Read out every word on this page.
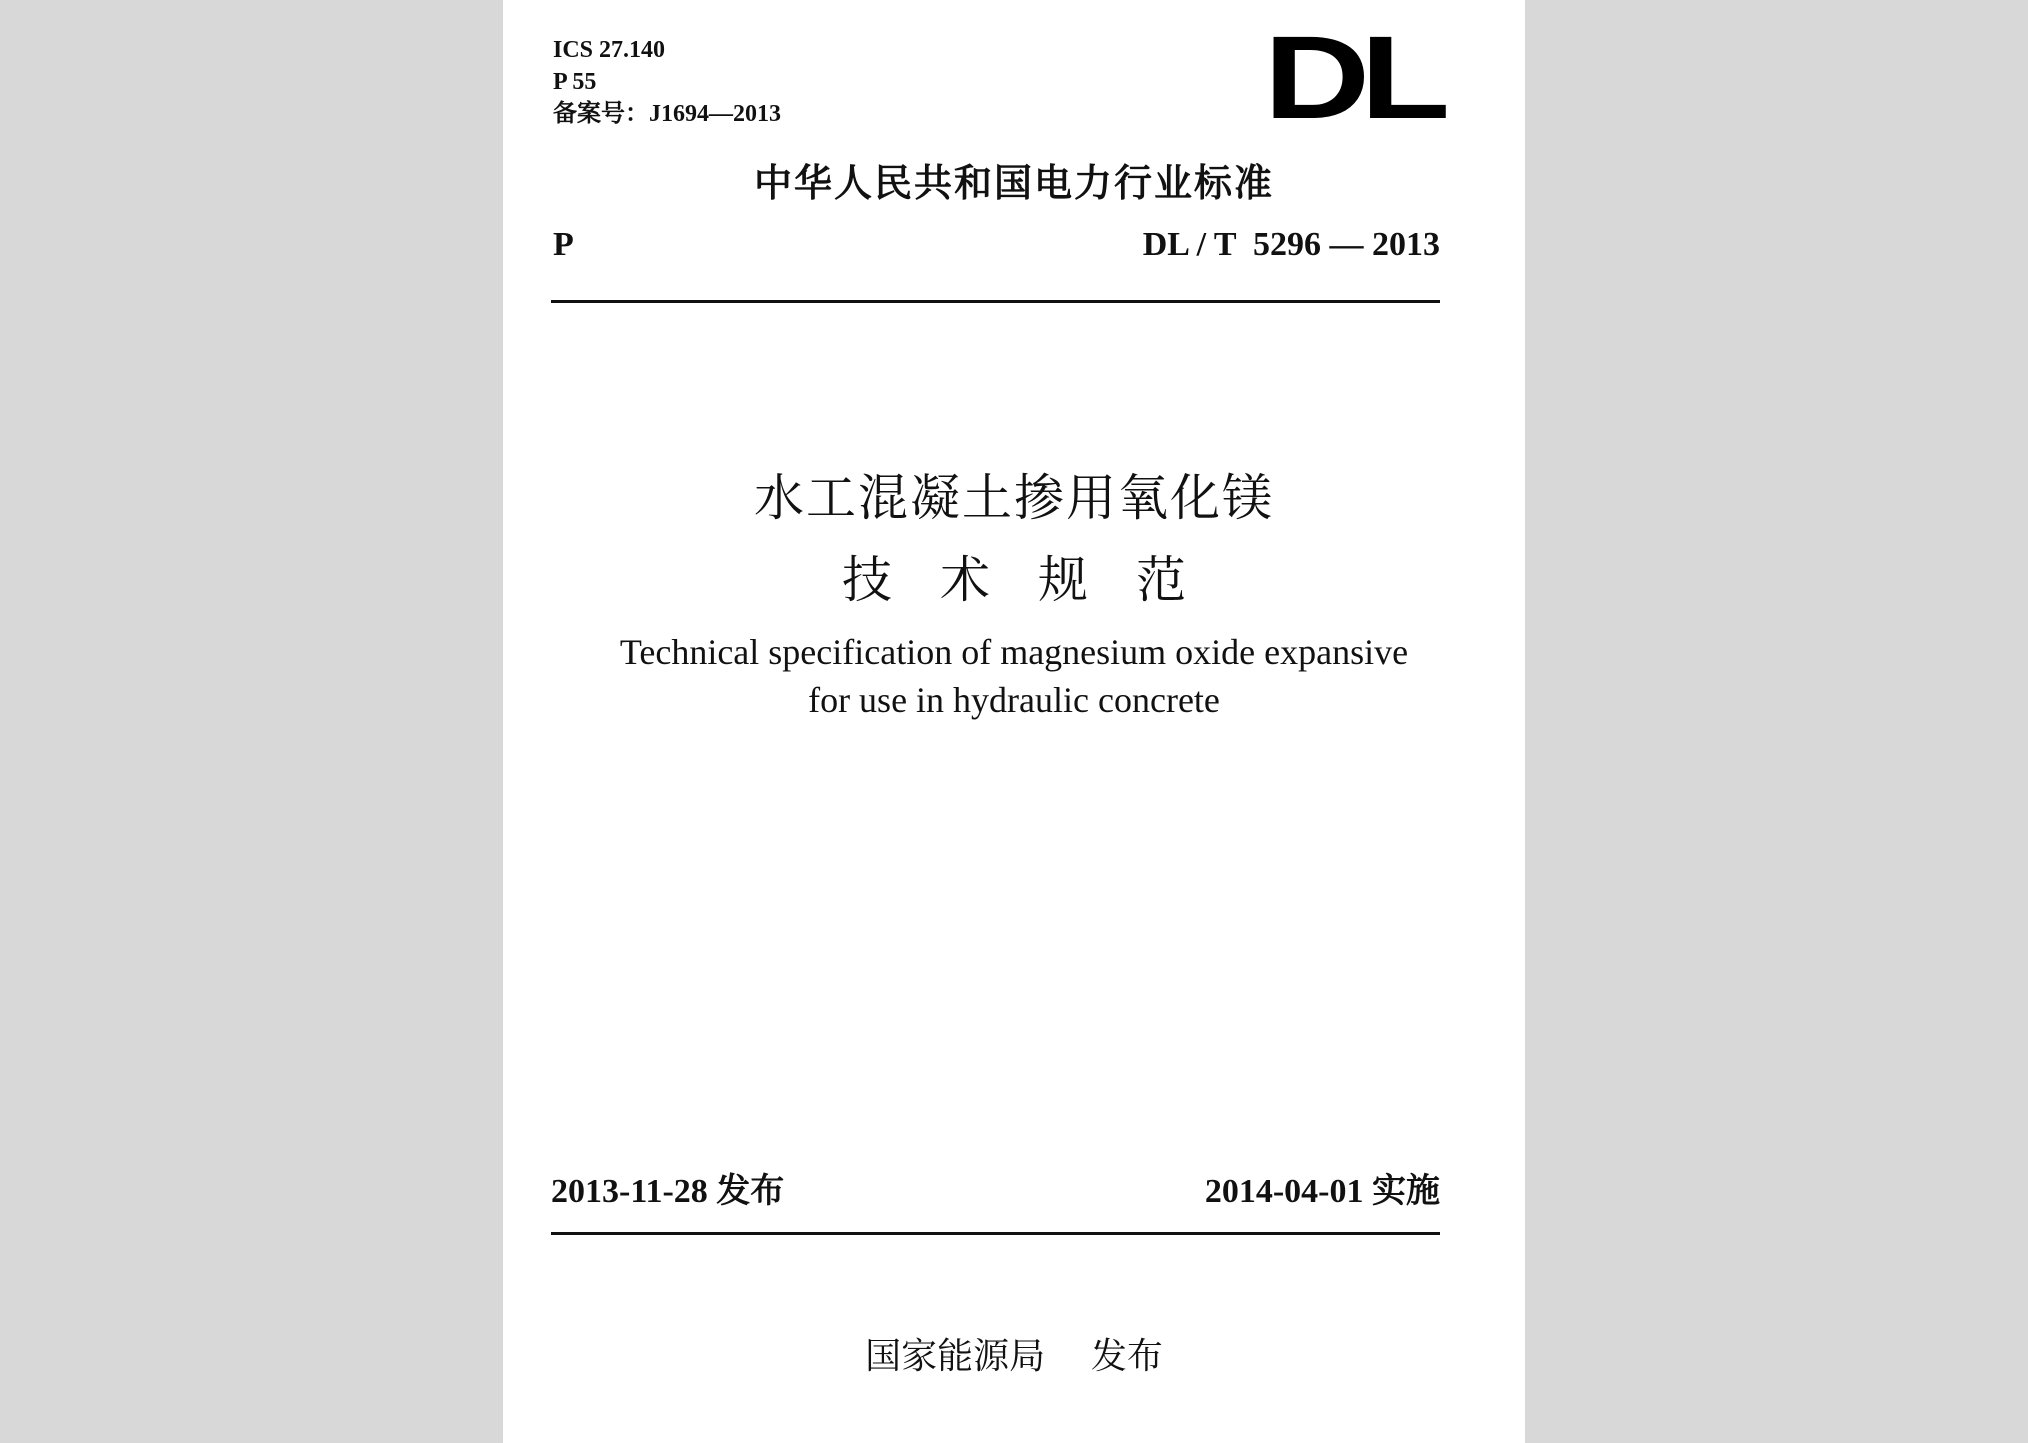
ICS 27.140
P 55
备案号：J1694—2013	DL
中华人民共和国电力行业标准
P	DL / T  5296 — 2013
水工混凝土掺用氧化镁
技术规范
Technical specification of magnesium oxide expansive
for use in hydraulic concrete
2013-11-28 发布	2014-04-01 实施
国家能源局    发布
